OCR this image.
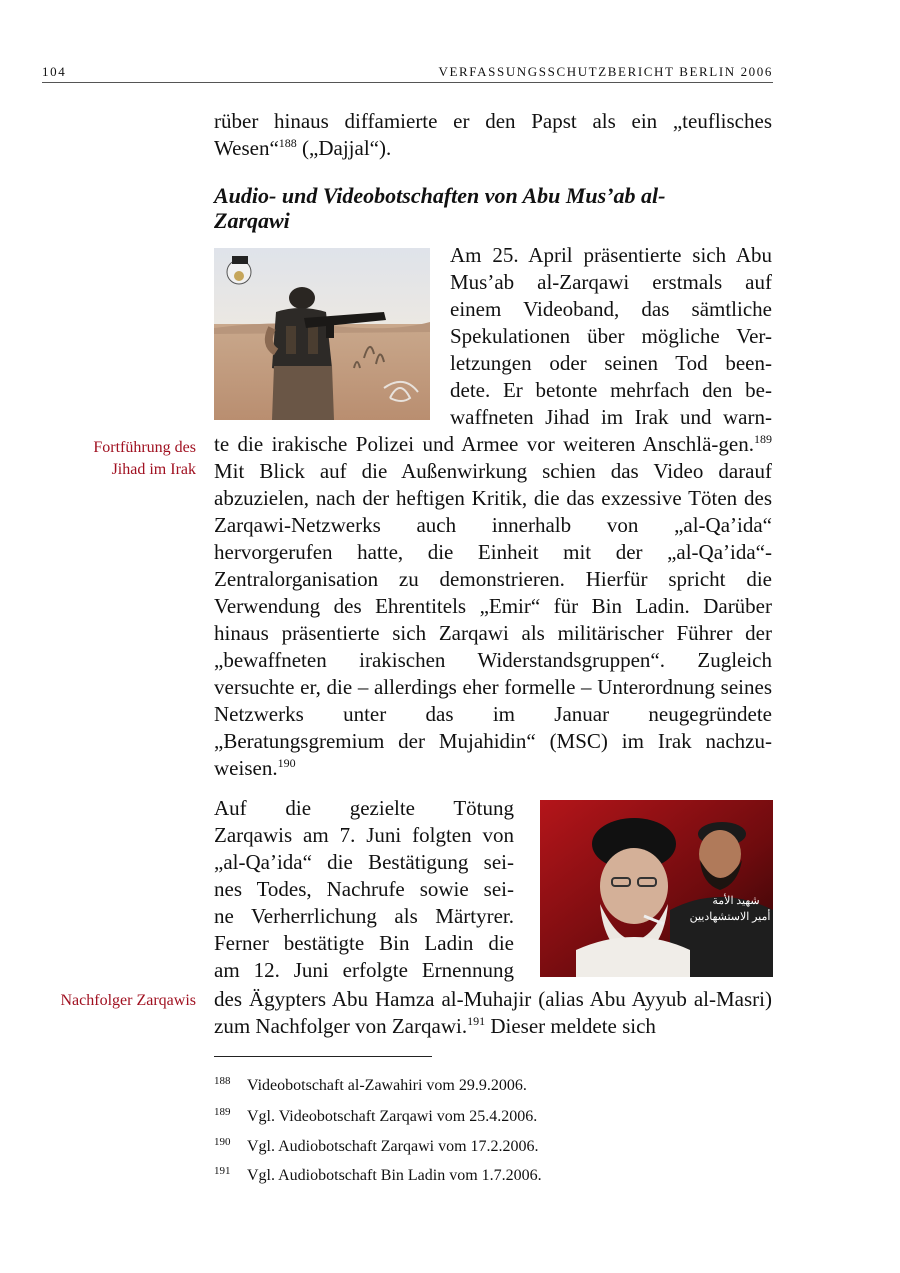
104	VERFASSUNGSSCHUTZBERICHT BERLIN 2006
rüber hinaus diffamierte er den Papst als ein „teuflisches Wesen“$^{188}$ („Dajjal“).
Audio- und Videobotschaften von Abu Mus’ab al-Zarqawi
Am 25. April präsentierte sich Abu
Mus’ab al-Zarqawi erstmals auf
einem Videoband, das sämtliche
Spekulationen über mögliche Ver-
letzungen oder seinen Tod been-
dete. Er betonte mehrfach den be-
waffneten Jihad im Irak und warn-
Fortführung des
Jihad im Irak
te die irakische Polizei und Armee vor weiteren Anschlä-gen.$^{189}$ Mit Blick auf die Außenwirkung schien das Video darauf abzuzielen, nach der heftigen Kritik, die das exzessive Töten des Zarqawi-Netzwerks auch innerhalb von „al-Qa’ida“ hervorgerufen hatte, die Einheit mit der „al-Qa’ida“-Zentralorganisation zu demonstrieren. Hierfür spricht die Verwendung des Ehrentitels „Emir“ für Bin Ladin. Darüber hinaus präsentierte sich Zarqawi als militärischer Führer der „bewaffneten irakischen Widerstandsgruppen“. Zugleich versuchte er, die – allerdings eher formelle – Unterordnung seines Netzwerks unter das im Januar neugegründete „Beratungsgremium der Mujahidin“ (MSC) im Irak nachzu-weisen.$^{190}$
Auf die gezielte Tötung
Zarqawis am 7. Juni folgten von
„al-Qa’ida“ die Bestätigung sei-
nes Todes, Nachrufe sowie sei-
ne Verherrlichung als Märtyrer.
Ferner bestätigte Bin Ladin die
am 12. Juni erfolgte Ernennung
شهيد الأمة
أمير الاستشهاديين
Nachfolger Zarqawis des Ägypters Abu Hamza al-Muhajir (alias Abu Ayyub al-Masri) zum Nachfolger von Zarqawi.$^{191}$ Dieser meldete sich
188 Videobotschaft al-Zawahiri vom 29.9.2006.
189 Vgl. Videobotschaft Zarqawi vom 25.4.2006.
190 Vgl. Audiobotschaft Zarqawi vom 17.2.2006.
191 Vgl. Audiobotschaft Bin Ladin vom 1.7.2006.
